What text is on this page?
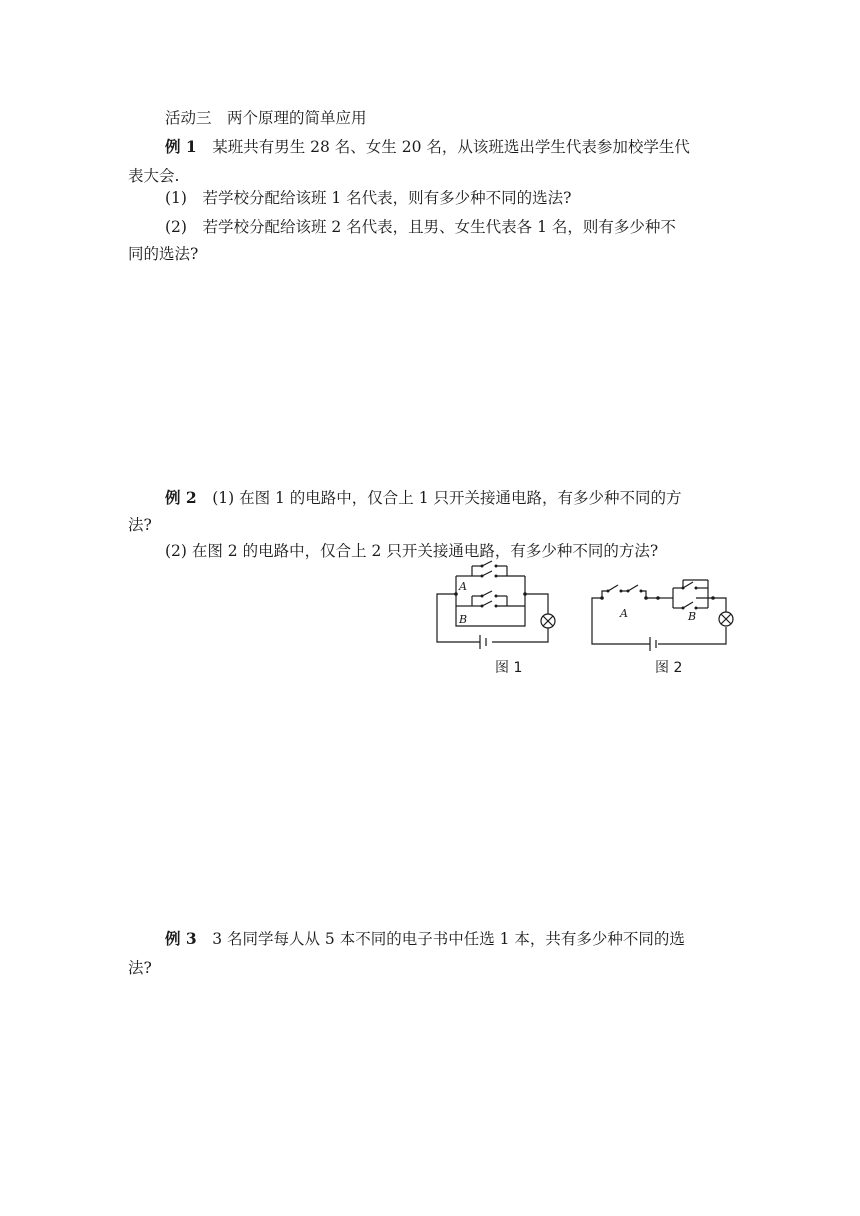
活动三　两个原理的简单应用
例 1　 某班共有男生 28 名、女生 20 名，从该班选出学生代表参加校学生代
表大会.
(1)　若学校分配给该班 1 名代表，则有多少种不同的选法?
(2)　若学校分配给该班 2 名代表，且男、女生代表各 1 名，则有多少种不
同的选法?
例 2　 (1) 在图 1 的电路中，仅合上 1 只开关接通电路，有多少种不同的方
法?
(2) 在图 2 的电路中，仅合上 2 只开关接通电路，有多少种不同的方法?
A
B
图 1
A	B
图 2
例 3　 3 名同学每人从 5 本不同的电子书中任选 1 本，共有多少种不同的选
法?
